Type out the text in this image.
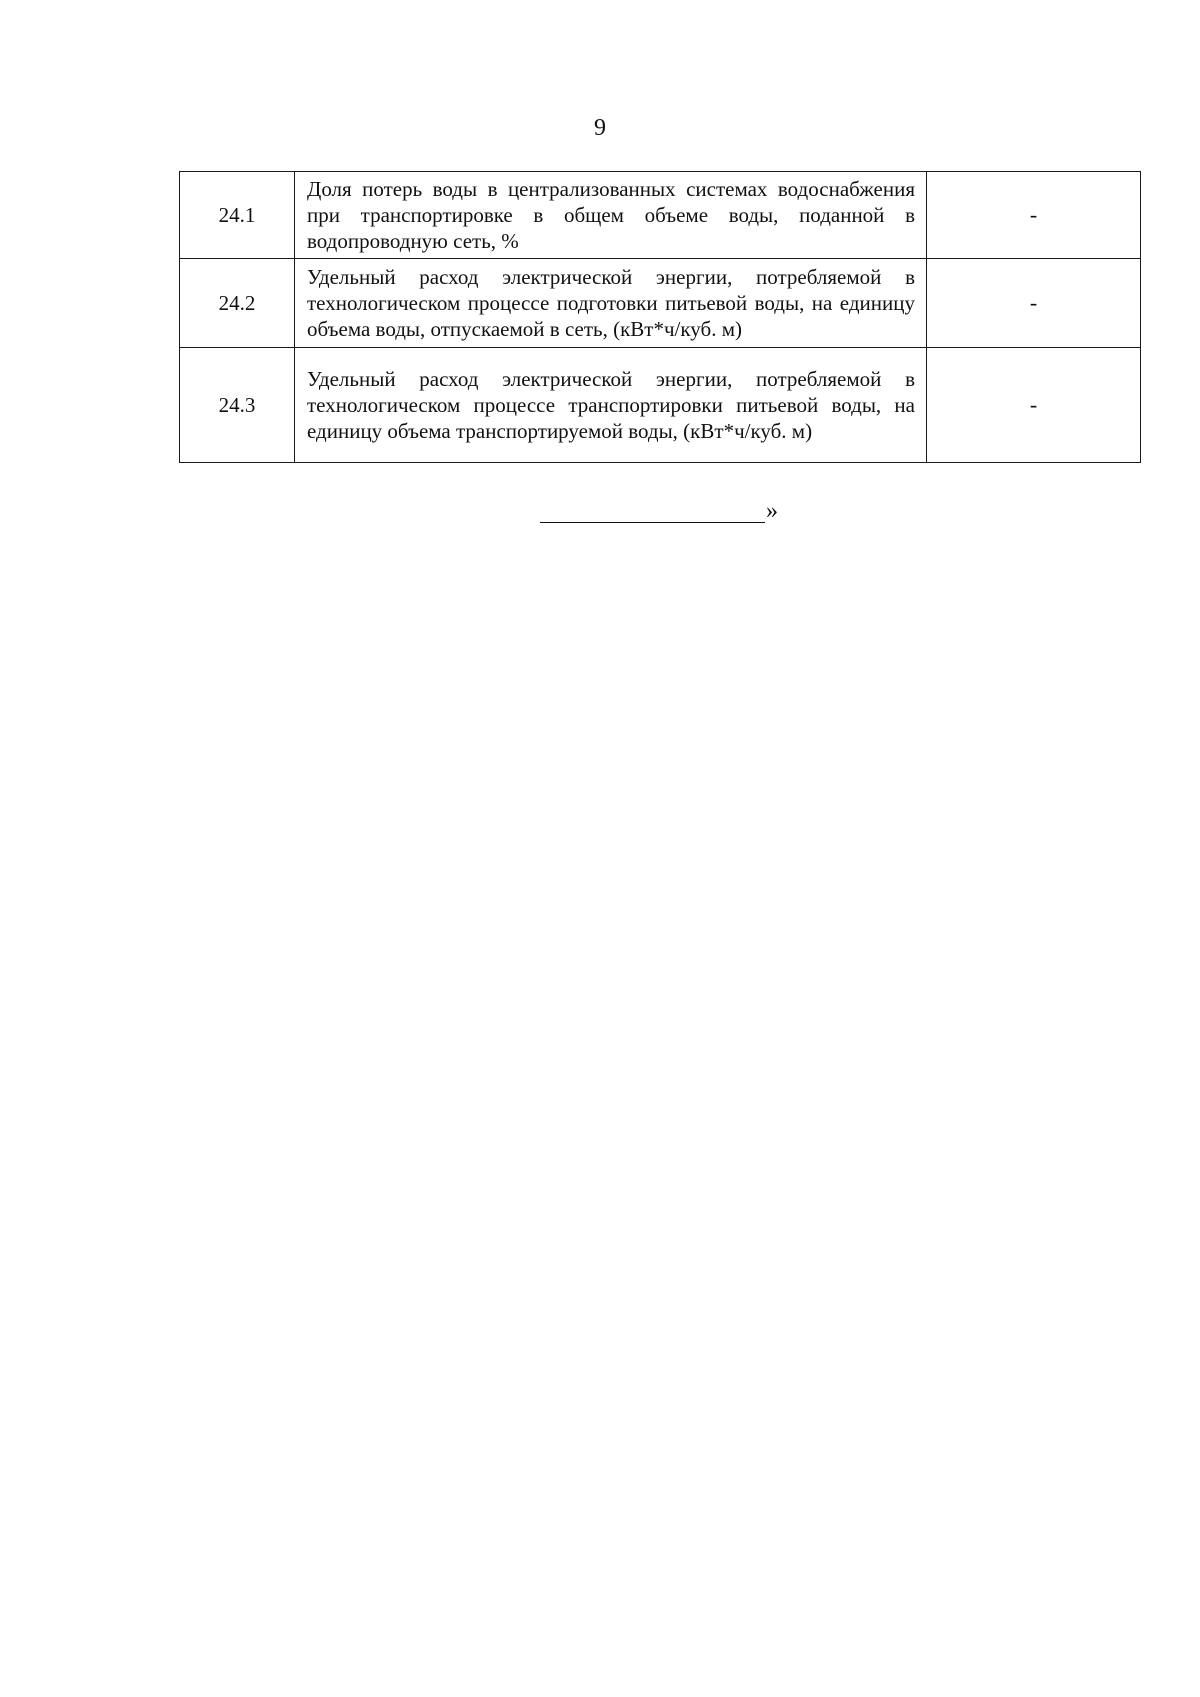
9
24.1	Доля потерь воды в централизованных системах водоснабжения при транспортировке в общем объеме воды, поданной в водопроводную сеть, %	-
24.2	Удельный расход электрической энергии, потребляемой в технологическом процессе подготовки питьевой воды, на единицу объема воды, отпускаемой в сеть, (кВт*ч/куб. м)	-
24.3	Удельный расход электрической энергии, потребляемой в технологическом процессе транспортировки питьевой воды, на единицу объема транспортируемой воды, (кВт*ч/куб. м)	-
»
